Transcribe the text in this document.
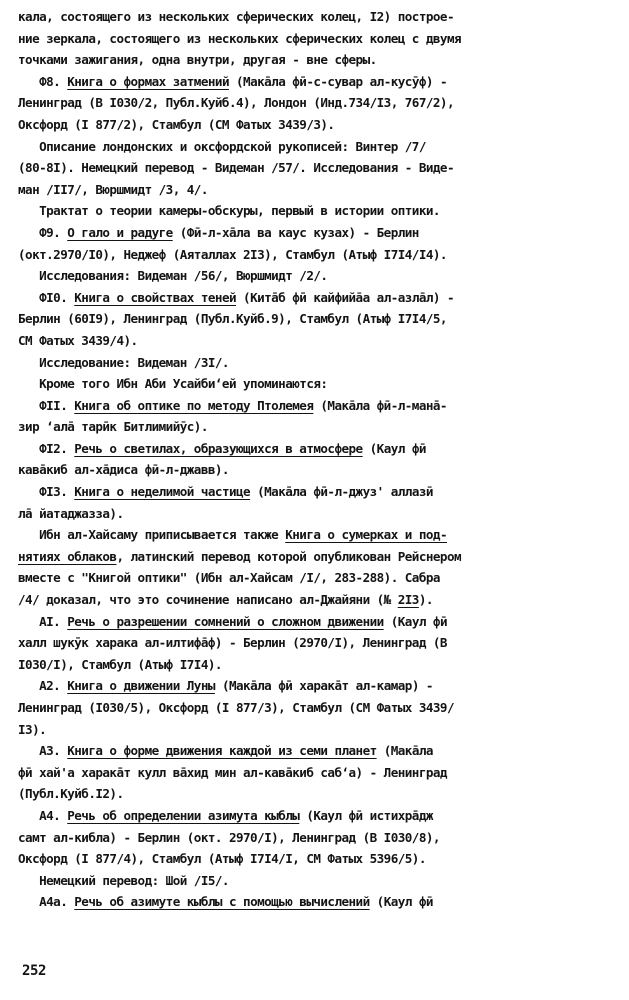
кала, состоящего из нескольких сферических колец, I2) построе-
ние зеркала, состоящего из нескольких сферических колец с двумя
точками зажигания, одна внутри, другая - вне сферы.
Ф8. Книга о формах затмений (Макāла фӣ-с-сувар ал-кусӯф) -
Ленинград (В I030/2, Публ.Куйб.4), Лондон (Инд.734/I3, 767/2),
Оксфорд (I 877/2), Стамбул (СМ Фатых 3439/3).
Описание лондонских и оксфордской рукописей: Винтер /7/
(80-8I). Немецкий перевод - Видеман /57/. Исследования - Виде-
ман /II7/, Вюршмидт /3, 4/.
Трактат о теории камеры-обскуры, первый в истории оптики.
Ф9. О гало и радуге (Фӣ-л-хāла ва каус кузах) - Берлин
(окт.2970/I0), Неджеф (Аяталлах 2I3), Стамбул (Атыф I7I4/I4).
Исследования: Видеман /56/, Вюршмидт /2/.
ФI0. Книга о свойствах теней (Китāб фӣ кайфийāа ал-азлāл) -
Берлин (60I9), Ленинград (Публ.Куйб.9), Стамбул (Атыф I7I4/5,
СМ Фатых 3439/4).
Исследование: Видеман /3I/.
Кроме того Ибн Аби Усайби‘ей упоминаются:
ФII. Книга об оптике по методу Птолемея (Макāла фӣ-л-манā-
зир ‘алā тарӣк Битлимийӯс).
ФI2. Речь о светилах, образующихся в атмосфере (Каул фӣ
кавāкиб ал-хāдиса фӣ-л-джавв).
ФI3. Книга о неделимой частице (Макāла фӣ-л-джуз' аллазӣ
лā йатаджазза).
Ибн ал-Хайсаму приписывается также Книга о сумерках и под-
нятиях облаков, латинский перевод которой опубликован Рейснером
вместе с "Книгой оптики" (Ибн ал-Хайсам /I/, 283-288). Сабра
/4/ доказал, что это сочинение написано ал-Джайяни (№ 2I3).
AI. Речь о разрешении сомнений о сложном движении (Каул фӣ
халл шукӯк харака ал-илтифāф) - Берлин (2970/I), Ленинград (В
I030/I), Стамбул (Атыф I7I4).
A2. Книга о движении Луны (Макāла фӣ харакāт ал-камар) -
Ленинград (I030/5), Оксфорд (I 877/3), Стамбул (СМ Фатых 3439/
I3).
A3. Книга о форме движения каждой из семи планет (Макāла
фӣ хай'а харакāт кулл вāхид мин ал-кавāкиб саб‘а) - Ленинград
(Публ.Куйб.I2).
A4. Речь об определении азимута кыблы (Каул фӣ истихрāдж
самт ал-кибла) - Берлин (окт. 2970/I), Ленинград (В I030/8),
Оксфорд (I 877/4), Стамбул (Атыф I7I4/I, СМ Фатых 5396/5).
Немецкий перевод: Шой /I5/.
A4a. Речь об азимуте кыблы с помощью вычислений (Каул фӣ
252
